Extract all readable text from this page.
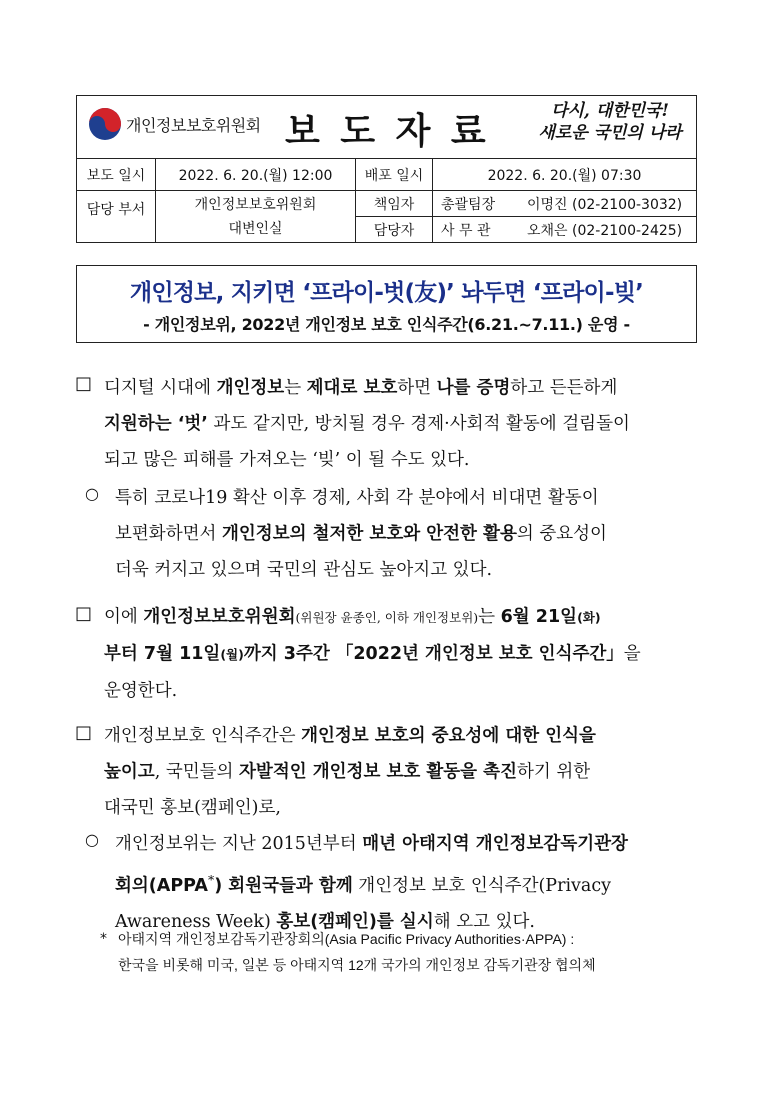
개인정보보호위원회 보 도 자 료	다시, 대한민국!
새로운 국민의 나라
보도 일시	2022. 6. 20.(월) 12:00	배포 일시	2022. 6. 20.(월) 07:30
담당 부서	개인정보보호위원회
대변인실
책임자	총괄팀장	이명진 (02-2100-3032)
담당자	사 무 관	오채은 (02-2100-2425)
개인정보, 지키면 ‘프라이-벗(友)’ 놔두면 ‘프라이-빚’
- 개인정보위, 2022년 개인정보 보호 인식주간(6.21.~7.11.) 운영 -
□ 디지털 시대에 개인정보는 제대로 보호하면 나를 증명하고 든든하게
지원하는 ‘벗’ 과도 같지만, 방치될 경우 경제·사회적 활동에 걸림돌이
되고 많은 피해를 가져오는 ‘빚’ 이 될 수도 있다.
○ 특히 코로나19 확산 이후 경제, 사회 각 분야에서 비대면 활동이
보편화하면서 개인정보의 철저한 보호와 안전한 활용의 중요성이
더욱 커지고 있으며 국민의 관심도 높아지고 있다.
□ 이에 개인정보보호위원회(위원장 윤종인, 이하 개인정보위)는 6월 21일(화)
부터 7월 11일(월)까지 3주간 「2022년 개인정보 보호 인식주간」을
운영한다.
□ 개인정보보호 인식주간은 개인정보 보호의 중요성에 대한 인식을
높이고, 국민들의 자발적인 개인정보 보호 활동을 촉진하기 위한
대국민 홍보(캠페인)로,
○ 개인정보위는 지난 2015년부터 매년 아태지역 개인정보감독기관장
회의(APPA*) 회원국들과 함께 개인정보 보호 인식주간(Privacy
Awareness Week) 홍보(캠페인)를 실시해 오고 있다.
* 아태지역 개인정보감독기관장회의(Asia Pacific Privacy Authorities·APPA) :
한국을 비롯해 미국, 일본 등 아태지역 12개 국가의 개인정보 감독기관장 협의체
